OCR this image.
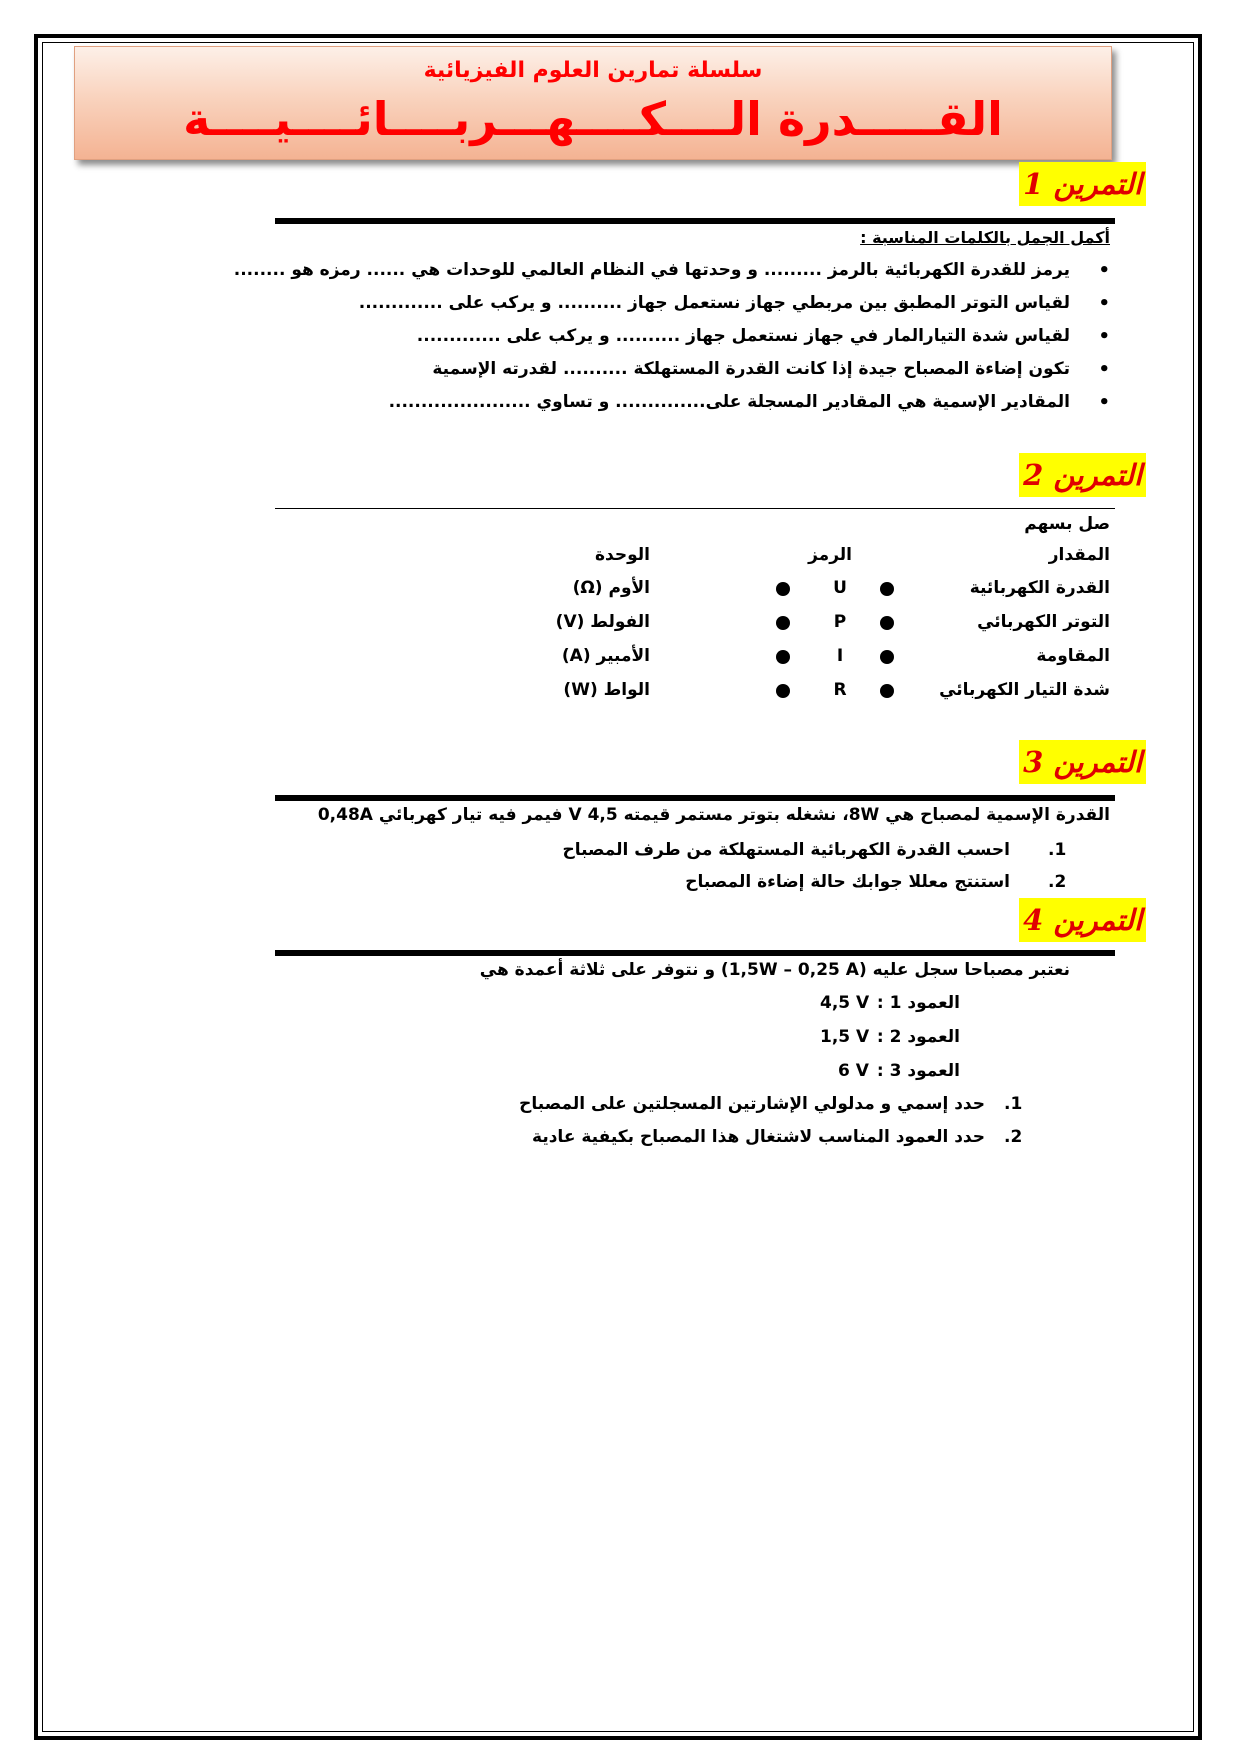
سلسلة تمارين العلوم الفيزيائية
القـــــدرة الــــكــــهـــربــــائــــيــــة
التمرين 1
أكمل الجمل بالكلمات المناسبة :
• يرمز للقدرة الكهربائية بالرمز ......... و وحدتها في النظام العالمي للوحدات هي ...... رمزه هو ........
• لقياس التوتر المطبق بين مربطي جهاز نستعمل جهاز .......... و يركب على .............
• لقياس شدة التيارالمار في جهاز نستعمل جهاز .......... و يركب على .............
• تكون إضاءة المصباح جيدة إذا كانت القدرة المستهلكة .......... لقدرته الإسمية
• المقادير الإسمية هي المقادير المسجلة على.............. و تساوي ......................
التمرين 2
صل بسهم
المقدار
الرمز
الوحدة
القدرة الكهربائية
U
الأوم (Ω)
التوتر الكهربائي
P
الفولط (V)
المقاومة
I
الأمبير (A)
شدة التيار الكهربائي
R
الواط (W)
التمرين 3
القدرة الإسمية لمصباح هي 8W، نشغله بتوتر مستمر قيمته 4,5 V فيمر فيه تيار كهربائي 0,48A
.1
احسب القدرة الكهربائية المستهلكة من طرف المصباح
.2
استنتج معللا جوابك حالة إضاءة المصباح
التمرين 4
نعتبر مصباحا سجل عليه (1,5W – 0,25 A) و نتوفر على ثلاثة أعمدة هي
العمود 1 :
4,5 V
العمود 2 :
1,5 V
العمود 3 :
6 V
.1
حدد إسمي و مدلولي الإشارتين المسجلتين على المصباح
.2
حدد العمود المناسب لاشتغال هذا المصباح بكيفية عادية
